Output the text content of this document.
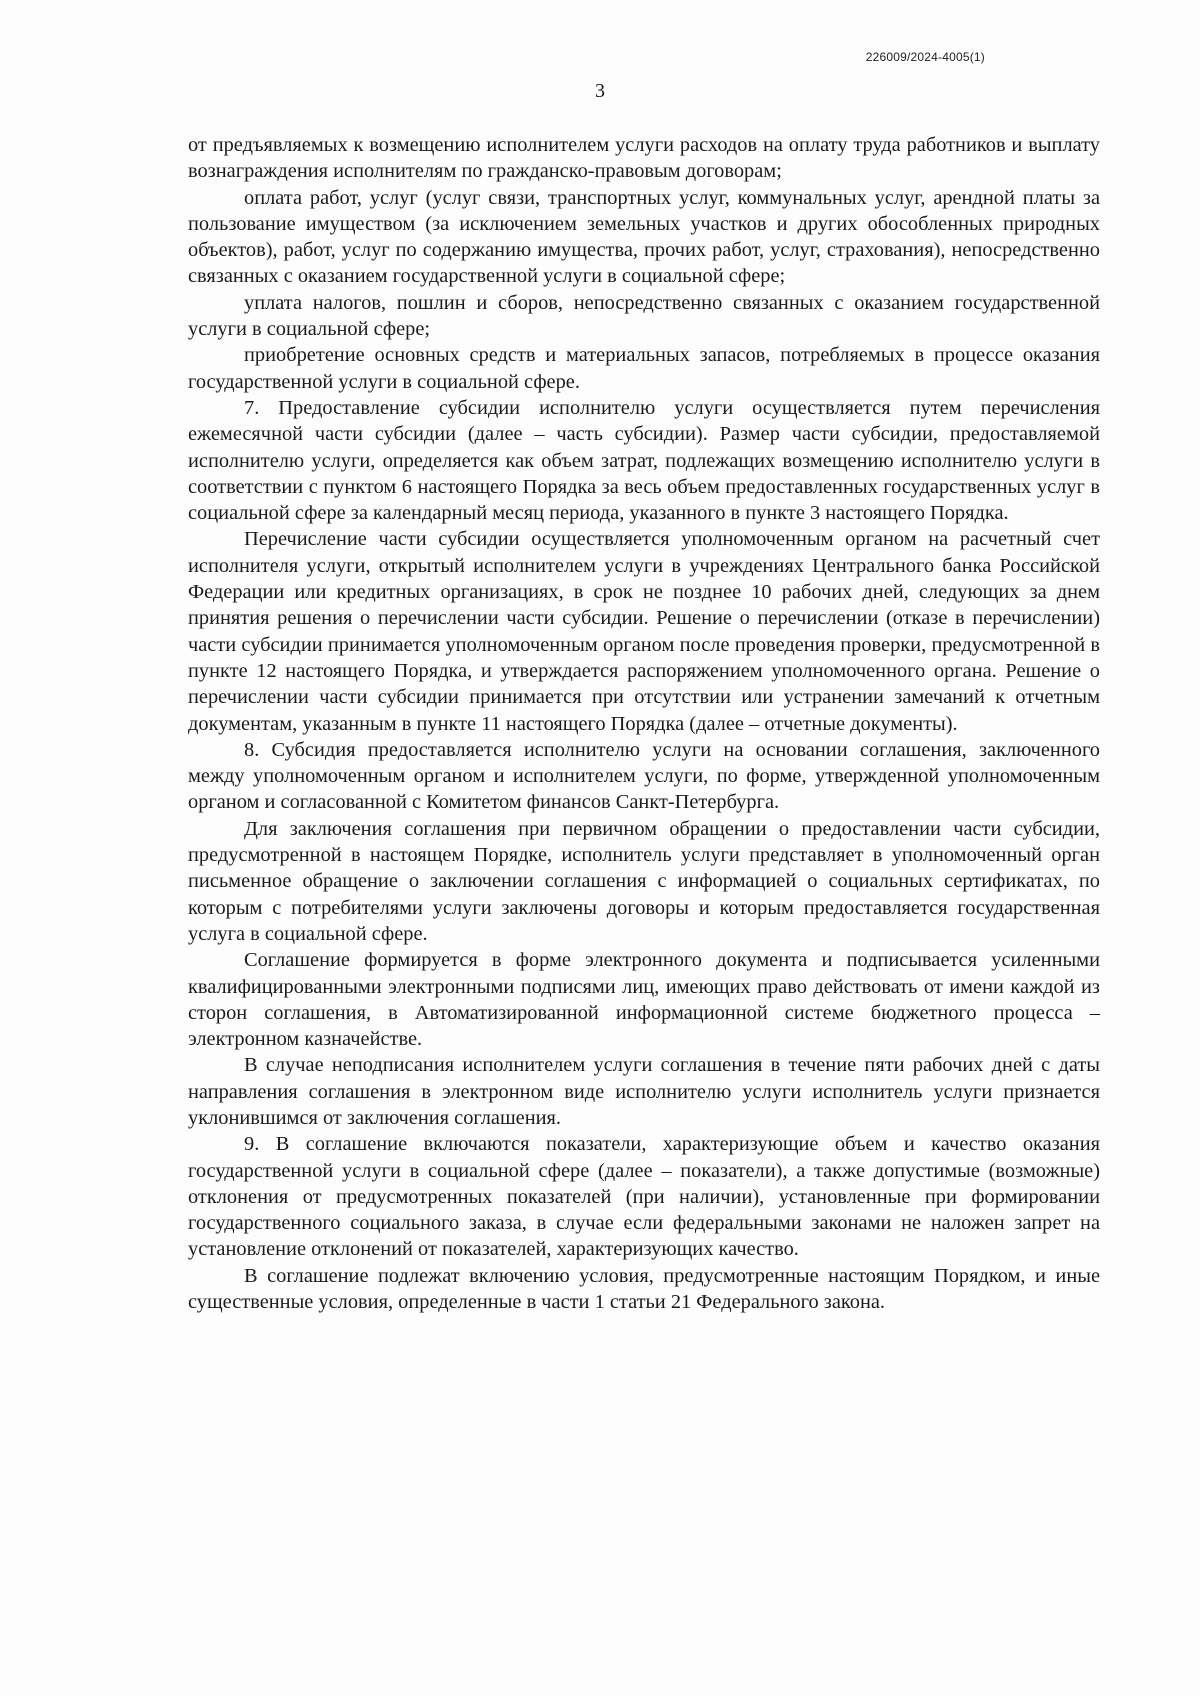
226009/2024-4005(1)
3

от предъявляемых к возмещению исполнителем услуги расходов на оплату труда работников и выплату вознаграждения исполнителям по гражданско-правовым договорам;

оплата работ, услуг (услуг связи, транспортных услуг, коммунальных услуг, арендной платы за пользование имуществом (за исключением земельных участков и других обособленных природных объектов), работ, услуг по содержанию имущества, прочих работ, услуг, страхования), непосредственно связанных с оказанием государственной услуги в социальной сфере;

уплата налогов, пошлин и сборов, непосредственно связанных с оказанием государственной услуги в социальной сфере;

приобретение основных средств и материальных запасов, потребляемых в процессе оказания государственной услуги в социальной сфере.

7. Предоставление субсидии исполнителю услуги осуществляется путем перечисления ежемесячной части субсидии (далее – часть субсидии). Размер части субсидии, предоставляемой исполнителю услуги, определяется как объем затрат, подлежащих возмещению исполнителю услуги в соответствии с пунктом 6 настоящего Порядка за весь объем предоставленных государственных услуг в социальной сфере за календарный месяц периода, указанного в пункте 3 настоящего Порядка.

Перечисление части субсидии осуществляется уполномоченным органом на расчетный счет исполнителя услуги, открытый исполнителем услуги в учреждениях Центрального банка Российской Федерации или кредитных организациях, в срок не позднее 10 рабочих дней, следующих за днем принятия решения о перечислении части субсидии. Решение о перечислении (отказе в перечислении) части субсидии принимается уполномоченным органом после проведения проверки, предусмотренной в пункте 12 настоящего Порядка, и утверждается распоряжением уполномоченного органа. Решение о перечислении части субсидии принимается при отсутствии или устранении замечаний к отчетным документам, указанным в пункте 11 настоящего Порядка (далее – отчетные документы).

8. Субсидия предоставляется исполнителю услуги на основании соглашения, заключенного между уполномоченным органом и исполнителем услуги, по форме, утвержденной уполномоченным органом и согласованной с Комитетом финансов Санкт-Петербурга.

Для заключения соглашения при первичном обращении о предоставлении части субсидии, предусмотренной в настоящем Порядке, исполнитель услуги представляет в уполномоченный орган письменное обращение о заключении соглашения с информацией о социальных сертификатах, по которым с потребителями услуги заключены договоры и которым предоставляется государственная услуга в социальной сфере.

Соглашение формируется в форме электронного документа и подписывается усиленными квалифицированными электронными подписями лиц, имеющих право действовать от имени каждой из сторон соглашения, в Автоматизированной информационной системе бюджетного процесса – электронном казначействе.

В случае неподписания исполнителем услуги соглашения в течение пяти рабочих дней с даты направления соглашения в электронном виде исполнителю услуги исполнитель услуги признается уклонившимся от заключения соглашения.

9. В соглашение включаются показатели, характеризующие объем и качество оказания государственной услуги в социальной сфере (далее – показатели), а также допустимые (возможные) отклонения от предусмотренных показателей (при наличии), установленные при формировании государственного социального заказа, в случае если федеральными законами не наложен запрет на установление отклонений от показателей, характеризующих качество.

В соглашение подлежат включению условия, предусмотренные настоящим Порядком, и иные существенные условия, определенные в части 1 статьи 21 Федерального закона.
